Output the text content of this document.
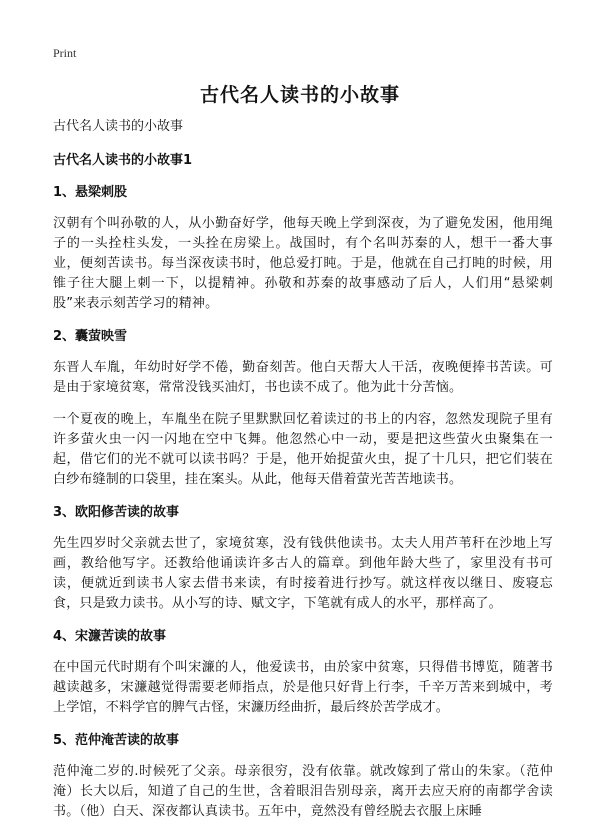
Print
古代名人读书的小故事

古代名人读书的小故事

古代名人读书的小故事1

1、悬梁刺股

汉朝有个叫孙敬的人，从小勤奋好学，他每天晚上学到深夜，为了避免发困，他用绳子的一头拴柱头发，一头拴在房梁上。战国时，有个名叫苏秦的人，想干一番大事业，便刻苦读书。每当深夜读书时，他总爱打盹。于是，他就在自己打盹的时候，用锥子往大腿上刺一下，以提精神。孙敬和苏秦的故事感动了后人，人们用“悬梁刺股”来表示刻苦学习的精神。

2、囊萤映雪

东晋人车胤，年幼时好学不倦，勤奋刻苦。他白天帮大人干活，夜晚便捧书苦读。可是由于家境贫寒，常常没钱买油灯，书也读不成了。他为此十分苦恼。

一个夏夜的晚上，车胤坐在院子里默默回忆着读过的书上的内容，忽然发现院子里有许多萤火虫一闪一闪地在空中飞舞。他忽然心中一动，要是把这些萤火虫聚集在一起，借它们的光不就可以读书吗？于是，他开始捉萤火虫，捉了十几只，把它们装在白纱布缝制的口袋里，挂在案头。从此，他每天借着萤光苦苦地读书。

3、欧阳修苦读的故事

先生四岁时父亲就去世了，家境贫寒，没有钱供他读书。太夫人用芦苇秆在沙地上写画，教给他写字。还教给他诵读许多古人的篇章。到他年龄大些了，家里没有书可读，便就近到读书人家去借书来读，有时接着进行抄写。就这样夜以继日、废寝忘食，只是致力读书。从小写的诗、赋文字，下笔就有成人的水平，那样高了。

4、宋濂苦读的故事

在中国元代时期有个叫宋濂的人，他爱读书，由於家中贫寒，只得借书博览，随著书越读越多，宋濂越觉得需要老师指点，於是他只好背上行李，千辛万苦来到城中，考上学馆，不料学官的脾气古怪，宋濂历经曲折，最后终於苦学成才。

5、范仲淹苦读的故事

范仲淹二岁的.时候死了父亲。母亲很穷，没有依靠。就改嫁到了常山的朱家。（范仲淹）长大以后，知道了自己的生世，含着眼泪告别母亲，离开去应天府的南都学舍读书。（他）白天、深夜都认真读书。五年中，竟然没有曾经脱去衣服上床睡
